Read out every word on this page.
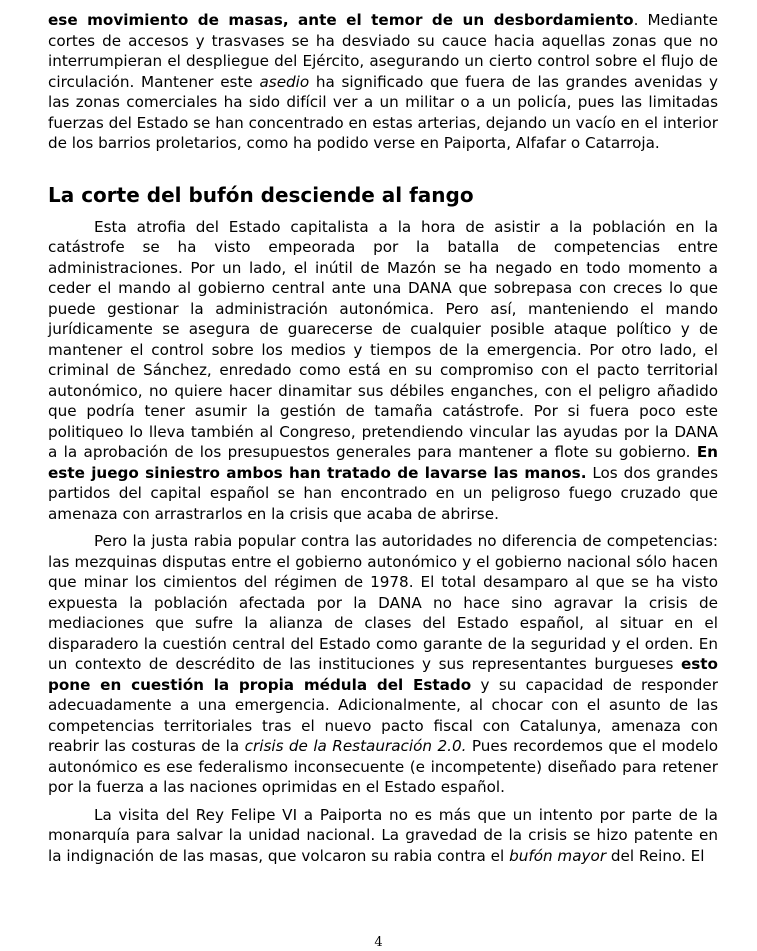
ese movimiento de masas, ante el temor de un desbordamiento. Mediante cortes de accesos y trasvases se ha desviado su cauce hacia aquellas zonas que no interrumpieran el despliegue del Ejército, asegurando un cierto control sobre el flujo de circulación. Mantener este asedio ha significado que fuera de las grandes avenidas y las zonas comerciales ha sido difícil ver a un militar o a un policía, pues las limitadas fuerzas del Estado se han concentrado en estas arterias, dejando un vacío en el interior de los barrios proletarios, como ha podido verse en Paiporta, Alfafar o Catarroja.

La corte del bufón desciende al fango

Esta atrofia del Estado capitalista a la hora de asistir a la población en la catástrofe se ha visto empeorada por la batalla de competencias entre administraciones. Por un lado, el inútil de Mazón se ha negado en todo momento a ceder el mando al gobierno central ante una DANA que sobrepasa con creces lo que puede gestionar la administración autonómica. Pero así, manteniendo el mando jurídicamente se asegura de guarecerse de cualquier posible ataque político y de mantener el control sobre los medios y tiempos de la emergencia. Por otro lado, el criminal de Sánchez, enredado como está en su compromiso con el pacto territorial autonómico, no quiere hacer dinamitar sus débiles enganches, con el peligro añadido que podría tener asumir la gestión de tamaña catástrofe. Por si fuera poco este politiqueo lo lleva también al Congreso, pretendiendo vincular las ayudas por la DANA a la aprobación de los presupuestos generales para mantener a flote su gobierno. En este juego siniestro ambos han tratado de lavarse las manos. Los dos grandes partidos del capital español se han encontrado en un peligroso fuego cruzado que amenaza con arrastrarlos en la crisis que acaba de abrirse.

Pero la justa rabia popular contra las autoridades no diferencia de competencias: las mezquinas disputas entre el gobierno autonómico y el gobierno nacional sólo hacen que minar los cimientos del régimen de 1978. El total desamparo al que se ha visto expuesta la población afectada por la DANA no hace sino agravar la crisis de mediaciones que sufre la alianza de clases del Estado español, al situar en el disparadero la cuestión central del Estado como garante de la seguridad y el orden. En un contexto de descrédito de las instituciones y sus representantes burgueses esto pone en cuestión la propia médula del Estado y su capacidad de responder adecuadamente a una emergencia. Adicionalmente, al chocar con el asunto de las competencias territoriales tras el nuevo pacto fiscal con Catalunya, amenaza con reabrir las costuras de la crisis de la Restauración 2.0. Pues recordemos que el modelo autonómico es ese federalismo inconsecuente (e incompetente) diseñado para retener por la fuerza a las naciones oprimidas en el Estado español.

La visita del Rey Felipe VI a Paiporta no es más que un intento por parte de la monarquía para salvar la unidad nacional. La gravedad de la crisis se hizo patente en la indignación de las masas, que volcaron su rabia contra el bufón mayor del Reino. El

4
